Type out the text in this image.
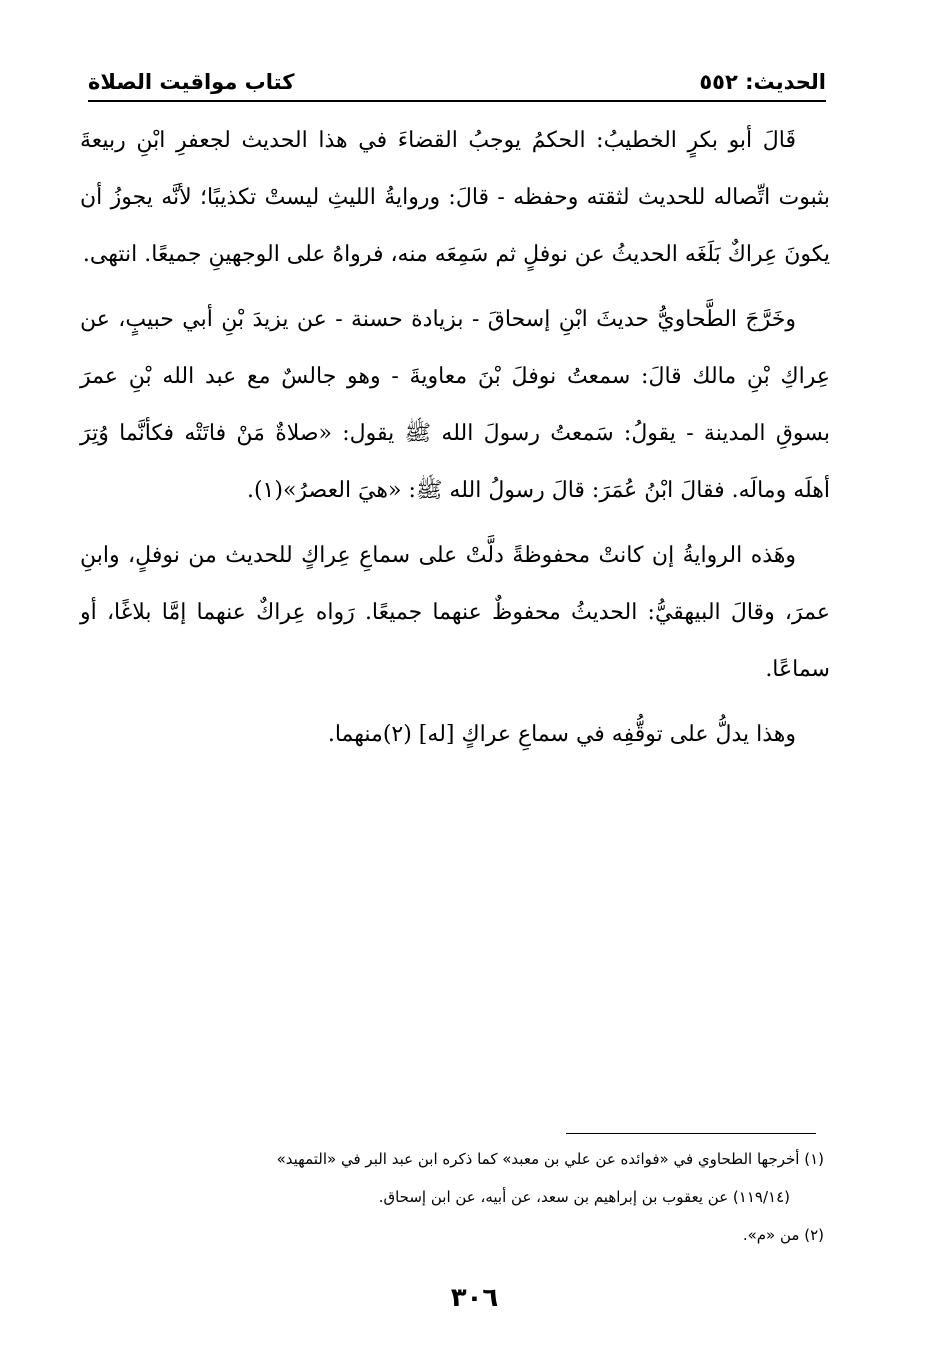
الحديث: ٥٥٢
كتاب مواقيت الصلاة

قَالَ أبو بكرٍ الخطيبُ: الحكمُ يوجبُ القضاءَ في هذا الحديث لجعفرِ ابْنِ ربيعةَ بثبوت اتِّصاله للحديث لثقته وحفظه - قالَ: وروايةُ الليثِ ليستْ تكذيبًا؛ لأنَّه يجوزُ أن يكونَ عِراكٌ بَلَغَه الحديثُ عن نوفلٍ ثم سَمِعَه منه، فرواهُ على الوجهينِ جميعًا. انتهى.

وخَرَّجَ الطَّحاويُّ حديثَ ابْنِ إسحاقَ - بزيادة حسنة - عن يزيدَ بْنِ أبي حبيبٍ، عن عِراكِ بْنِ مالك قالَ: سمعتُ نوفلَ بْنَ معاويةَ - وهو جالسٌ مع عبد الله بْنِ عمرَ بسوقِ المدينة - يقولُ: سَمعتُ رسولَ الله ﷺ يقول: «صلاةٌ مَنْ فاتَتْه فكأنَّما وُتِرَ أهلَه ومالَه. فقالَ ابْنُ عُمَرَ: قالَ رسولُ الله ﷺ: «هيَ العصرُ»(١).

وهَذه الروايةُ إن كانتْ محفوظةً دلَّتْ على سماعِ عِراكٍ للحديث من نوفلٍ، وابنِ عمرَ، وقالَ البيهقيُّ: الحديثُ محفوظٌ عنهما جميعًا. رَواه عِراكٌ عنهما إمَّا بلاغًا، أو سماعًا.

وهذا يدلُّ على توقُّفِه في سماعِ عراكٍ [له] (٢)منهما.

(١) أخرجها الطحاوي في «فوائده عن علي بن معبد» كما ذكره ابن عبد البر في «التمهيد»
(١١٩/١٤) عن يعقوب بن إبراهيم بن سعد، عن أبيه، عن ابن إسحاق.

(٢) من «م».

٣٠٦
